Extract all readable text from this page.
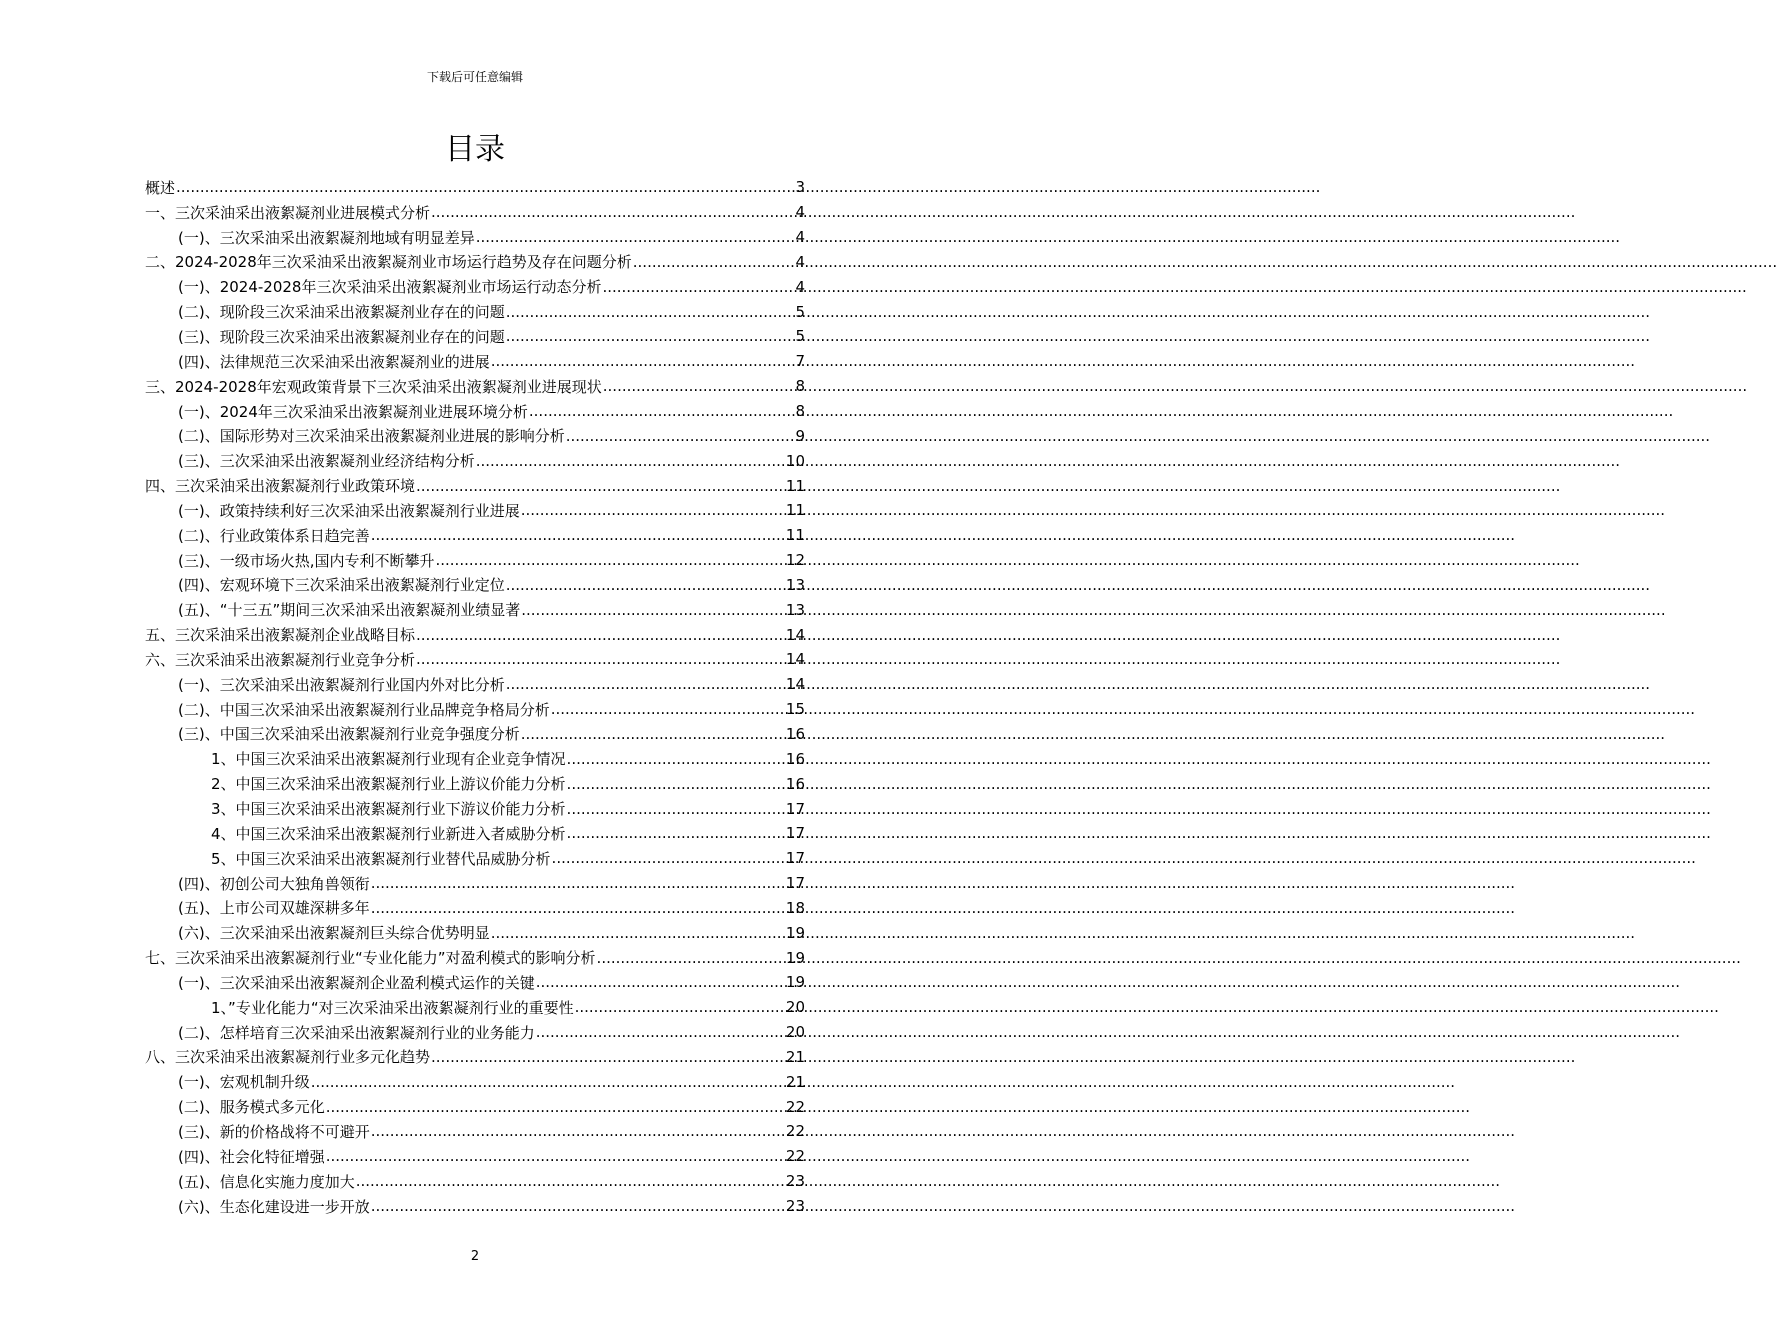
下载后可任意编辑
目录
概述 .....	3
一、三次采油采出液絮凝剂业进展模式分析 .....	4
(一)、三次采油采出液絮凝剂地域有明显差异 .....	4
二、2024-2028年三次采油采出液絮凝剂业市场运行趋势及存在问题分析 .....	4
(一)、2024-2028年三次采油采出液絮凝剂业市场运行动态分析 .....	4
(二)、现阶段三次采油采出液絮凝剂业存在的问题 .....	5
(三)、现阶段三次采油采出液絮凝剂业存在的问题 .....	5
(四)、法律规范三次采油采出液絮凝剂业的进展 .....	7
三、2024-2028年宏观政策背景下三次采油采出液絮凝剂业进展现状 .....	8
(一)、2024年三次采油采出液絮凝剂业进展环境分析 .....	8
(二)、国际形势对三次采油采出液絮凝剂业进展的影响分析 .....	9
(三)、三次采油采出液絮凝剂业经济结构分析 .....	10
四、三次采油采出液絮凝剂行业政策环境 .....	11
(一)、政策持续利好三次采油采出液絮凝剂行业进展 .....	11
(二)、行业政策体系日趋完善 .....	11
(三)、一级市场火热,国内专利不断攀升 .....	12
(四)、宏观环境下三次采油采出液絮凝剂行业定位 .....	13
(五)、“十三五”期间三次采油采出液絮凝剂业绩显著 .....	13
五、三次采油采出液絮凝剂企业战略目标 .....	14
六、三次采油采出液絮凝剂行业竞争分析 .....	14
(一)、三次采油采出液絮凝剂行业国内外对比分析 .....	14
(二)、中国三次采油采出液絮凝剂行业品牌竞争格局分析 .....	15
(三)、中国三次采油采出液絮凝剂行业竞争强度分析 .....	16
1、中国三次采油采出液絮凝剂行业现有企业竞争情况 .....	16
2、中国三次采油采出液絮凝剂行业上游议价能力分析 .....	16
3、中国三次采油采出液絮凝剂行业下游议价能力分析 .....	17
4、中国三次采油采出液絮凝剂行业新进入者威胁分析 .....	17
5、中国三次采油采出液絮凝剂行业替代品威胁分析 .....	17
(四)、初创公司大独角兽领衔 .....	17
(五)、上市公司双雄深耕多年 .....	18
(六)、三次采油采出液絮凝剂巨头综合优势明显 .....	19
七、三次采油采出液絮凝剂行业“专业化能力”对盈利模式的影响分析 .....	19
(一)、三次采油采出液絮凝剂企业盈利模式运作的关键 .....	19
1、”专业化能力“对三次采油采出液絮凝剂行业的重要性 .....	20
(二)、怎样培育三次采油采出液絮凝剂行业的业务能力 .....	20
八、三次采油采出液絮凝剂行业多元化趋势 .....	21
(一)、宏观机制升级 .....	21
(二)、服务模式多元化 .....	22
(三)、新的价格战将不可避开 .....	22
(四)、社会化特征增强 .....	22
(五)、信息化实施力度加大 .....	23
(六)、生态化建设进一步开放 .....	23
2
